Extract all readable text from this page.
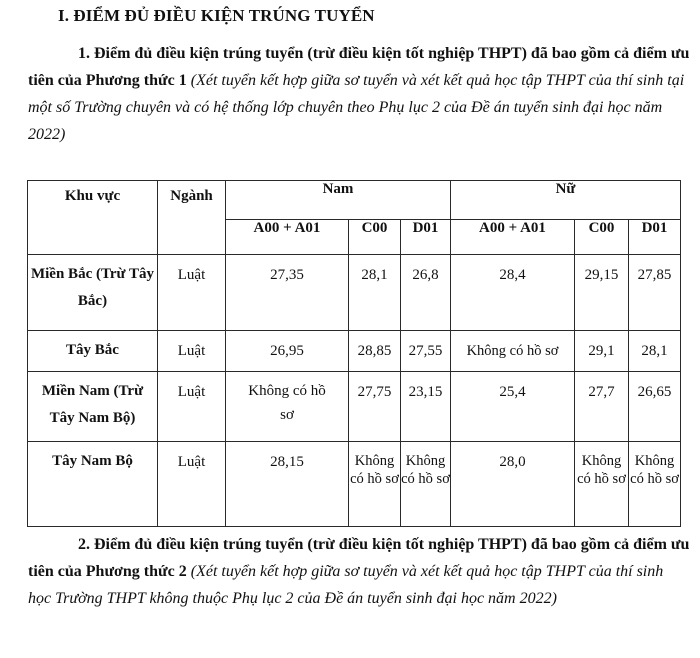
I. ĐIỂM ĐỦ ĐIỀU KIỆN TRÚNG TUYỂN
1. Điểm đủ điều kiện trúng tuyển (trừ điều kiện tốt nghiệp THPT) đã bao gồm cả điểm ưu tiên của Phương thức 1 (Xét tuyển kết hợp giữa sơ tuyển và xét kết quả học tập THPT của thí sinh tại một số Trường chuyên và có hệ thống lớp chuyên theo Phụ lục 2 của Đề án tuyển sinh đại học năm 2022)
Khu vực	Ngành	Nam			Nữ		
		A00 + A01	C00	D01	A00 + A01	C00	D01
Miền Bắc (Trừ Tây Bắc)	Luật	27,35	28,1	26,8	28,4	29,15	27,85
Tây Bắc	Luật	26,95	28,85	27,55	Không có hồ sơ	29,1	28,1
Miền Nam (Trừ Tây Nam Bộ)	Luật	Không có hồ sơ	27,75	23,15	25,4	27,7	26,65
Tây Nam Bộ	Luật	28,15	Không có hồ sơ	Không có hồ sơ	28,0	Không có hồ sơ	Không có hồ sơ
2. Điểm đủ điều kiện trúng tuyển (trừ điều kiện tốt nghiệp THPT) đã bao gồm cả điểm ưu tiên của Phương thức 2 (Xét tuyển kết hợp giữa sơ tuyển và xét kết quả học tập THPT của thí sinh học Trường THPT không thuộc Phụ lục 2 của Đề án tuyển sinh đại học năm 2022)
